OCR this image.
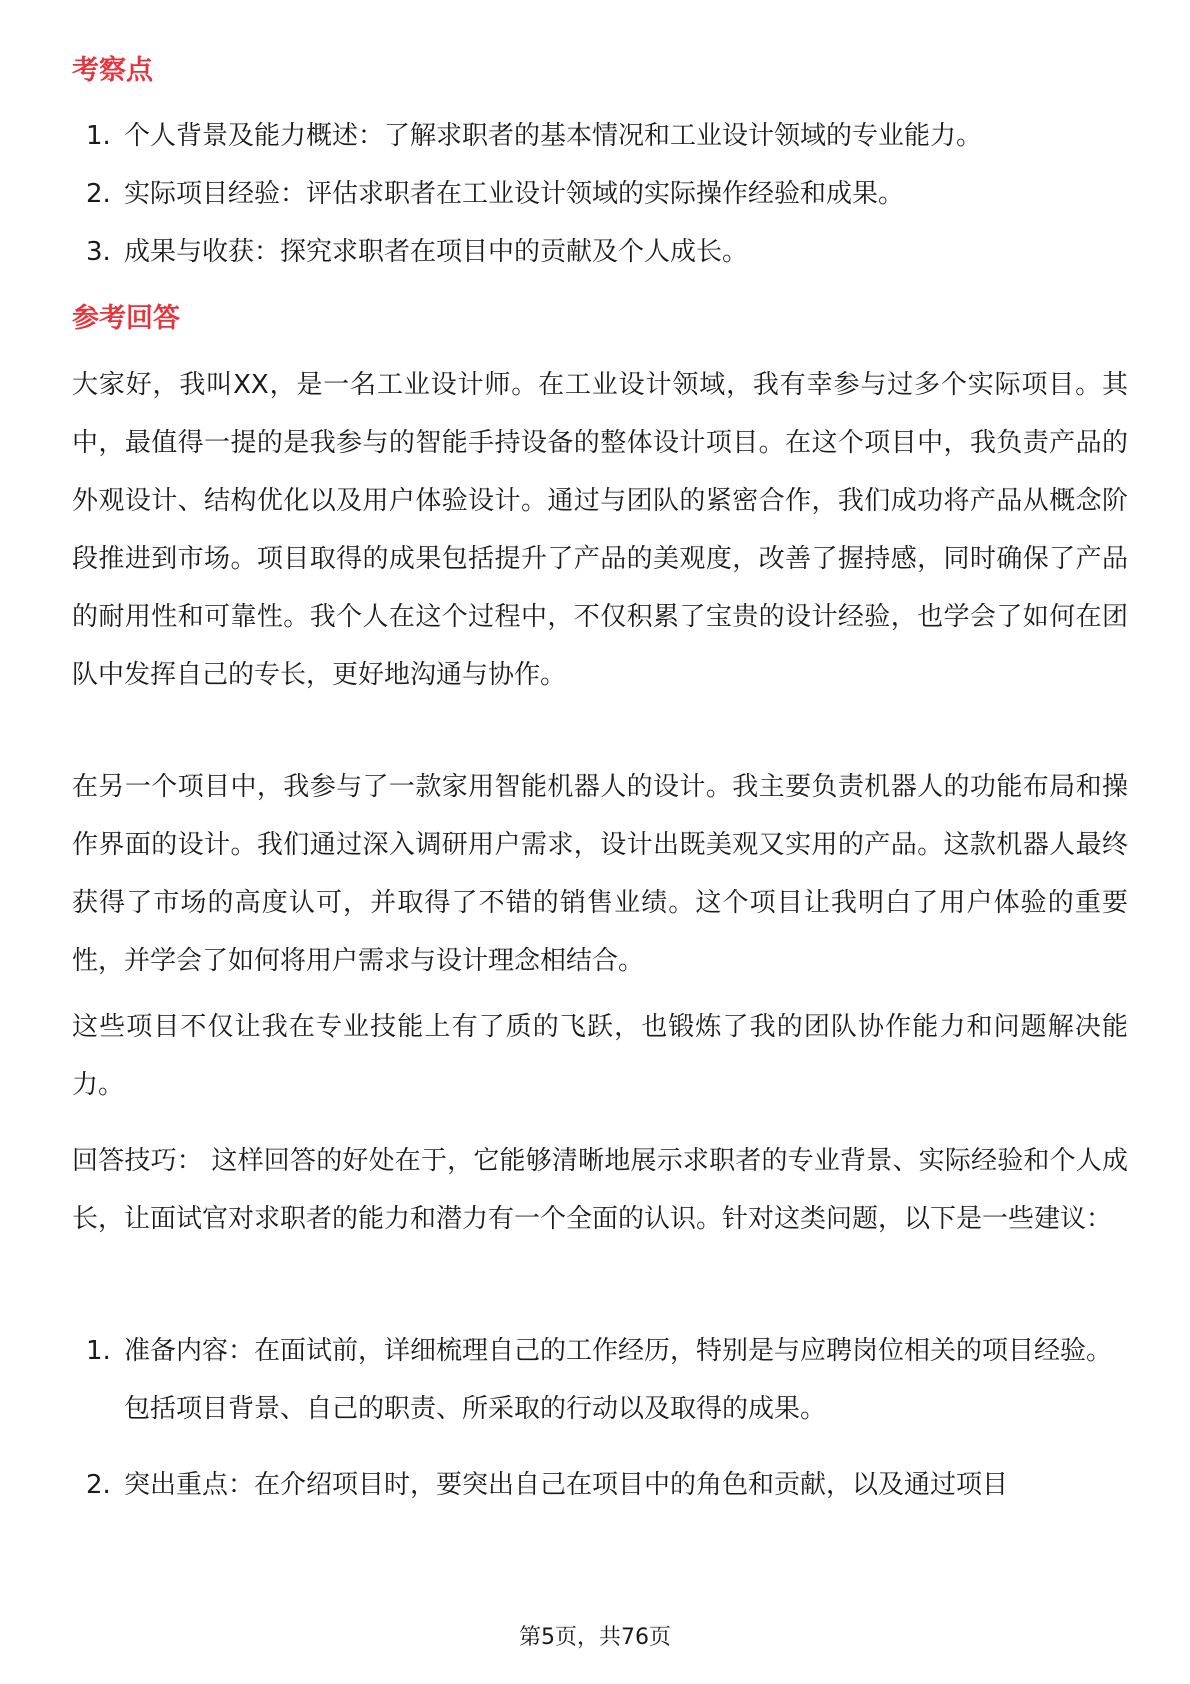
考察点
1. 个人背景及能力概述：了解求职者的基本情况和工业设计领域的专业能力。
2. 实际项目经验：评估求职者在工业设计领域的实际操作经验和成果。
3. 成果与收获：探究求职者在项目中的贡献及个人成长。
参考回答

大家好，我叫XX，是一名工业设计师。在工业设计领域，我有幸参与过多个实际项目。其中，最值得一提的是我参与的智能手持设备的整体设计项目。在这个项目中，我负责产品的外观设计、结构优化以及用户体验设计。通过与团队的紧密合作，我们成功将产品从概念阶段推进到市场。项目取得的成果包括提升了产品的美观度，改善了握持感，同时确保了产品的耐用性和可靠性。我个人在这个过程中，不仅积累了宝贵的设计经验，也学会了如何在团队中发挥自己的专长，更好地沟通与协作。

在另一个项目中，我参与了一款家用智能机器人的设计。我主要负责机器人的功能布局和操作界面的设计。我们通过深入调研用户需求，设计出既美观又实用的产品。这款机器人最终获得了市场的高度认可，并取得了不错的销售业绩。这个项目让我明白了用户体验的重要性，并学会了如何将用户需求与设计理念相结合。

这些项目不仅让我在专业技能上有了质的飞跃，也锻炼了我的团队协作能力和问题解决能力。

回答技巧： 这样回答的好处在于，它能够清晰地展示求职者的专业背景、实际经验和个人成长，让面试官对求职者的能力和潜力有一个全面的认识。针对这类问题，以下是一些建议：

1. 准备内容：在面试前，详细梳理自己的工作经历，特别是与应聘岗位相关的项目经验。包括项目背景、自己的职责、所采取的行动以及取得的成果。
2. 突出重点：在介绍项目时，要突出自己在项目中的角色和贡献，以及通过项目
第5页，共76页
